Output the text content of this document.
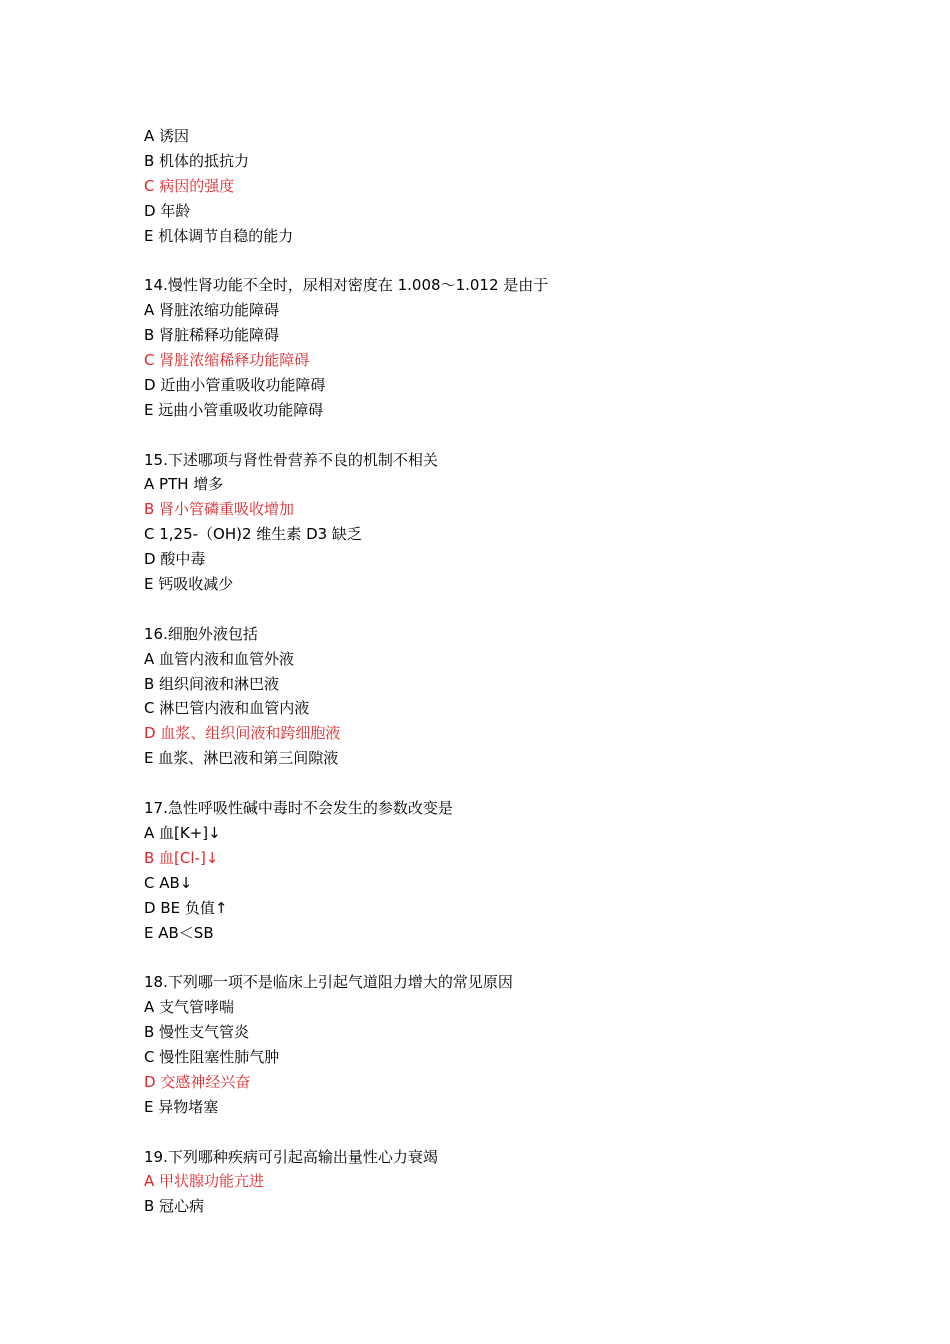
A 诱因
B 机体的抵抗力
C 病因的强度
D 年龄
E 机体调节自稳的能力
14.慢性肾功能不全时，尿相对密度在 1.008～1.012 是由于
A 肾脏浓缩功能障碍
B 肾脏稀释功能障碍
C 肾脏浓缩稀释功能障碍
D 近曲小管重吸收功能障碍
E 远曲小管重吸收功能障碍
15.下述哪项与肾性骨营养不良的机制不相关
A PTH 增多
B 肾小管磷重吸收增加
C 1,25-（OH)2 维生素 D3 缺乏
D 酸中毒
E 钙吸收减少
16.细胞外液包括
A 血管内液和血管外液
B 组织间液和淋巴液
C 淋巴管内液和血管内液
D 血浆、组织间液和跨细胞液
E 血浆、淋巴液和第三间隙液
17.急性呼吸性碱中毒时不会发生的参数改变是
A 血[K+]↓
B 血[Cl-]↓
C AB↓
D BE 负值↑
E AB＜SB
18.下列哪一项不是临床上引起气道阻力增大的常见原因
A 支气管哮喘
B 慢性支气管炎
C 慢性阻塞性肺气肿
D 交感神经兴奋
E 异物堵塞
19.下列哪种疾病可引起高输出量性心力衰竭
A 甲状腺功能亢进
B 冠心病
